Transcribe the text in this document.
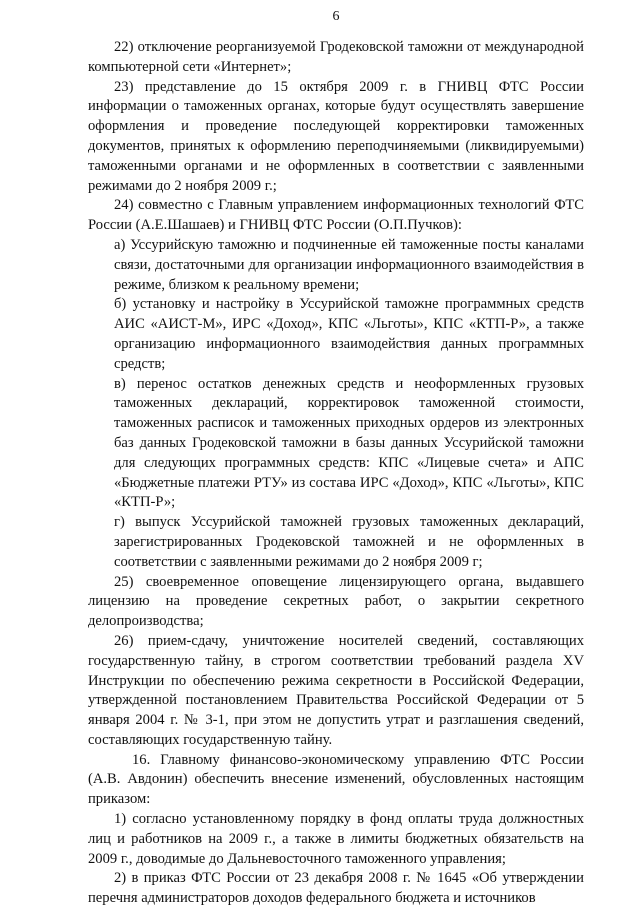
6

22) отключение реорганизуемой Гродековской таможни от международной компьютерной сети «Интернет»;

23) представление до 15 октября 2009 г. в ГНИВЦ ФТС России информации о таможенных органах, которые будут осуществлять завершение оформления и проведение последующей корректировки таможенных документов, принятых к оформлению переподчиняемыми (ликвидируемыми) таможенными органами и не оформленных в соответствии с заявленными режимами до 2 ноября 2009 г.;

24) совместно с Главным управлением информационных технологий ФТС России (А.Е.Шашаев) и ГНИВЦ ФТС России (О.П.Пучков):

а) Уссурийскую таможню и подчиненные ей таможенные посты каналами связи, достаточными для организации информационного взаимодействия в режиме, близком к реальному времени;

б) установку и настройку в Уссурийской таможне программных средств АИС «АИСТ-М», ИРС «Доход», КПС «Льготы», КПС «КТП-Р», а также организацию информационного взаимодействия данных программных средств;

в) перенос остатков денежных средств и неоформленных грузовых таможенных деклараций, корректировок таможенной стоимости, таможенных расписок и таможенных приходных ордеров из электронных баз данных Гродековской таможни в базы данных Уссурийской таможни для следующих программных средств: КПС «Лицевые счета» и АПС «Бюджетные платежи РТУ» из состава ИРС «Доход», КПС «Льготы», КПС «КТП-Р»;

г) выпуск Уссурийской таможней грузовых таможенных деклараций, зарегистрированных Гродековской таможней и не оформленных в соответствии с заявленными режимами до 2 ноября 2009 г;

25) своевременное оповещение лицензирующего органа, выдавшего лицензию на проведение секретных работ, о закрытии секретного делопроизводства;

26) прием-сдачу, уничтожение носителей сведений, составляющих государственную тайну, в строгом соответствии требований раздела XV Инструкции по обеспечению режима секретности в Российской Федерации, утвержденной постановлением Правительства Российской Федерации от 5 января 2004 г. № 3-1, при этом не допустить утрат и разглашения сведений, составляющих государственную тайну.

16. Главному финансово-экономическому управлению ФТС России (А.В. Авдонин) обеспечить внесение изменений, обусловленных настоящим приказом:

1) согласно установленному порядку в фонд оплаты труда должностных лиц и работников на 2009 г., а также в лимиты бюджетных обязательств на 2009 г., доводимые до Дальневосточного таможенного управления;

2) в приказ ФТС России от 23 декабря 2008 г. № 1645 «Об утверждении перечня администраторов доходов федерального бюджета и источников
